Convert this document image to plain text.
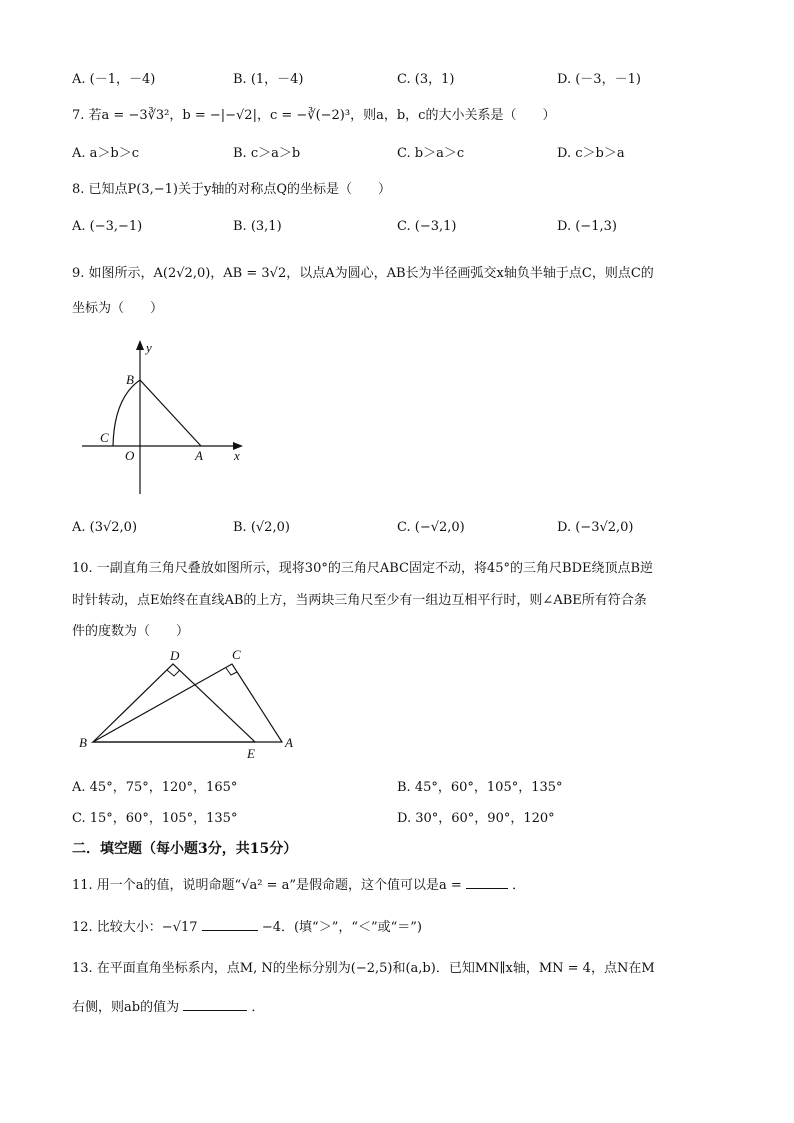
A. (－1，－4)	B. (1，－4)	C. (3，1)	D. (－3，－1)
7. 若a = −3∛3²，b = −|−√2|，c = −∛(−2)³，则a，b，c的大小关系是（　　）
A. a＞b＞c	B. c＞a＞b	C. b＞a＞c	D. c＞b＞a
8. 已知点P(3,−1)关于y轴的对称点Q的坐标是（　　）
A. (−3,−1)	B. (3,1)	C. (−3,1)	D. (−1,3)
9. 如图所示，A(2√2,0)，AB = 3√2，以点A为圆心，AB长为半径画弧交x轴负半轴于点C，则点C的
坐标为（　　）
y
B
C
O	A x
A. (3√2,0)	B. (√2,0)	C. (−√2,0)	D. (−3√2,0)
10. 一副直角三角尺叠放如图所示，现将30°的三角尺ABC固定不动，将45°的三角尺BDE绕顶点B逆
时针转动，点E始终在直线AB的上方，当两块三角尺至少有一组边互相平行时，则∠ABE所有符合条
件的度数为（　　）
D	C
B
E
A
A. 45°，75°，120°，165°	B. 45°，60°，105°，135°
C. 15°，60°，105°，135°	D. 30°，60°，90°，120°
二．填空题（每小题3分，共15分）
11. 用一个a的值，说明命题“√a² = a”是假命题，这个值可以是a =	．
12. 比较大小：−√17	−4．(填“＞”，“＜”或“＝”)
13. 在平面直角坐标系内，点M, N的坐标分别为(−2,5)和(a,b)．已知MN∥x轴，MN = 4，点N在M
右侧，则ab的值为	．
